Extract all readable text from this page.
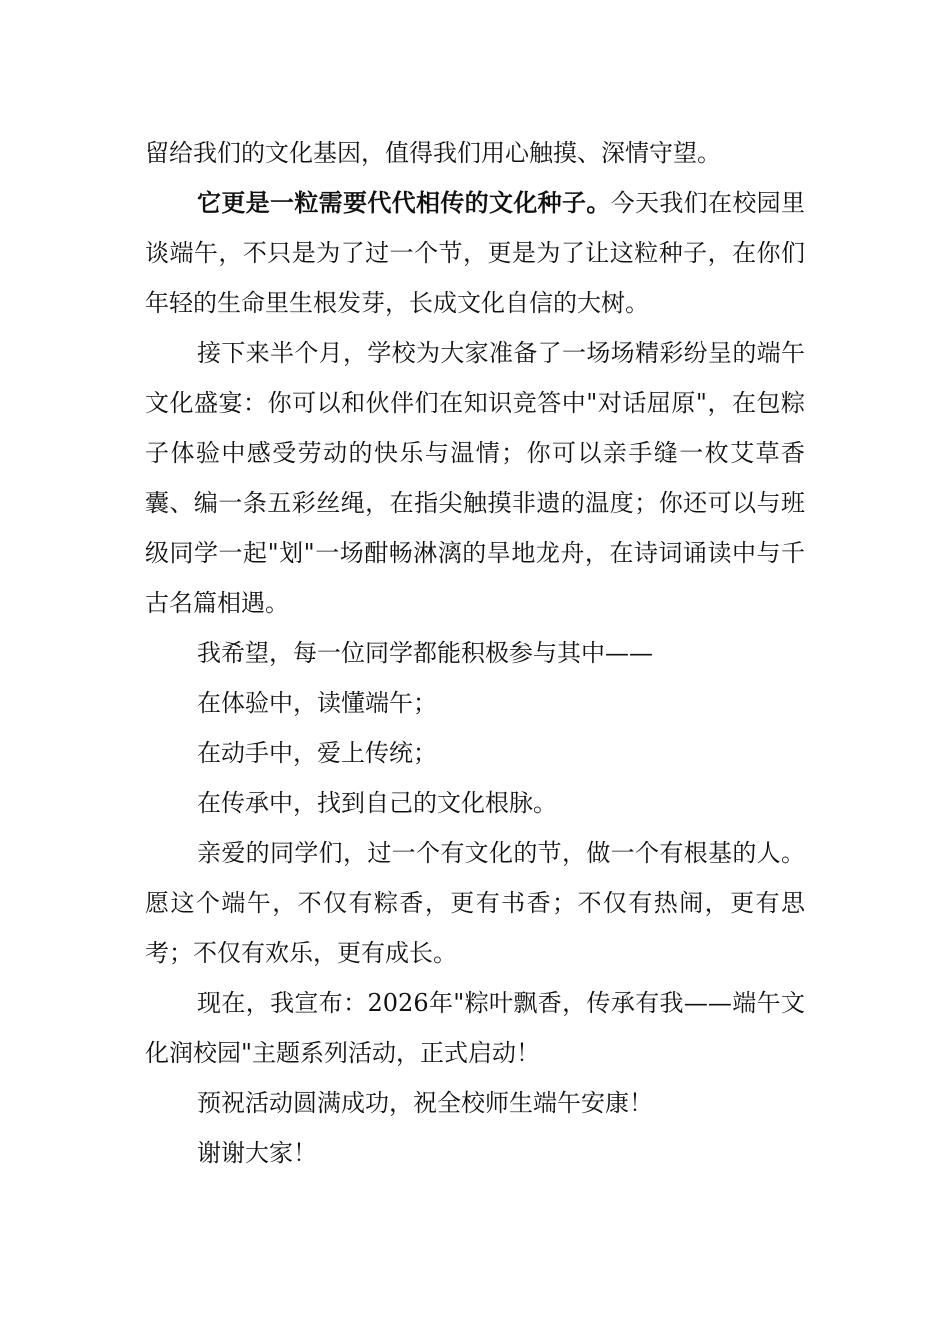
留给我们的文化基因，值得我们用心触摸、深情守望。

它更是一粒需要代代相传的文化种子。今天我们在校园里谈端午，不只是为了过一个节，更是为了让这粒种子，在你们年轻的生命里生根发芽，长成文化自信的大树。

接下来半个月，学校为大家准备了一场场精彩纷呈的端午文化盛宴：你可以和伙伴们在知识竞答中"对话屈原"，在包粽子体验中感受劳动的快乐与温情；你可以亲手缝一枚艾草香囊、编一条五彩丝绳，在指尖触摸非遗的温度；你还可以与班级同学一起"划"一场酣畅淋漓的旱地龙舟，在诗词诵读中与千古名篇相遇。

我希望，每一位同学都能积极参与其中——

在体验中，读懂端午；

在动手中，爱上传统；

在传承中，找到自己的文化根脉。

亲爱的同学们，过一个有文化的节，做一个有根基的人。愿这个端午，不仅有粽香，更有书香；不仅有热闹，更有思考；不仅有欢乐，更有成长。

现在，我宣布：2026年"粽叶飘香，传承有我——端午文化润校园"主题系列活动，正式启动！

预祝活动圆满成功，祝全校师生端午安康！

谢谢大家！
